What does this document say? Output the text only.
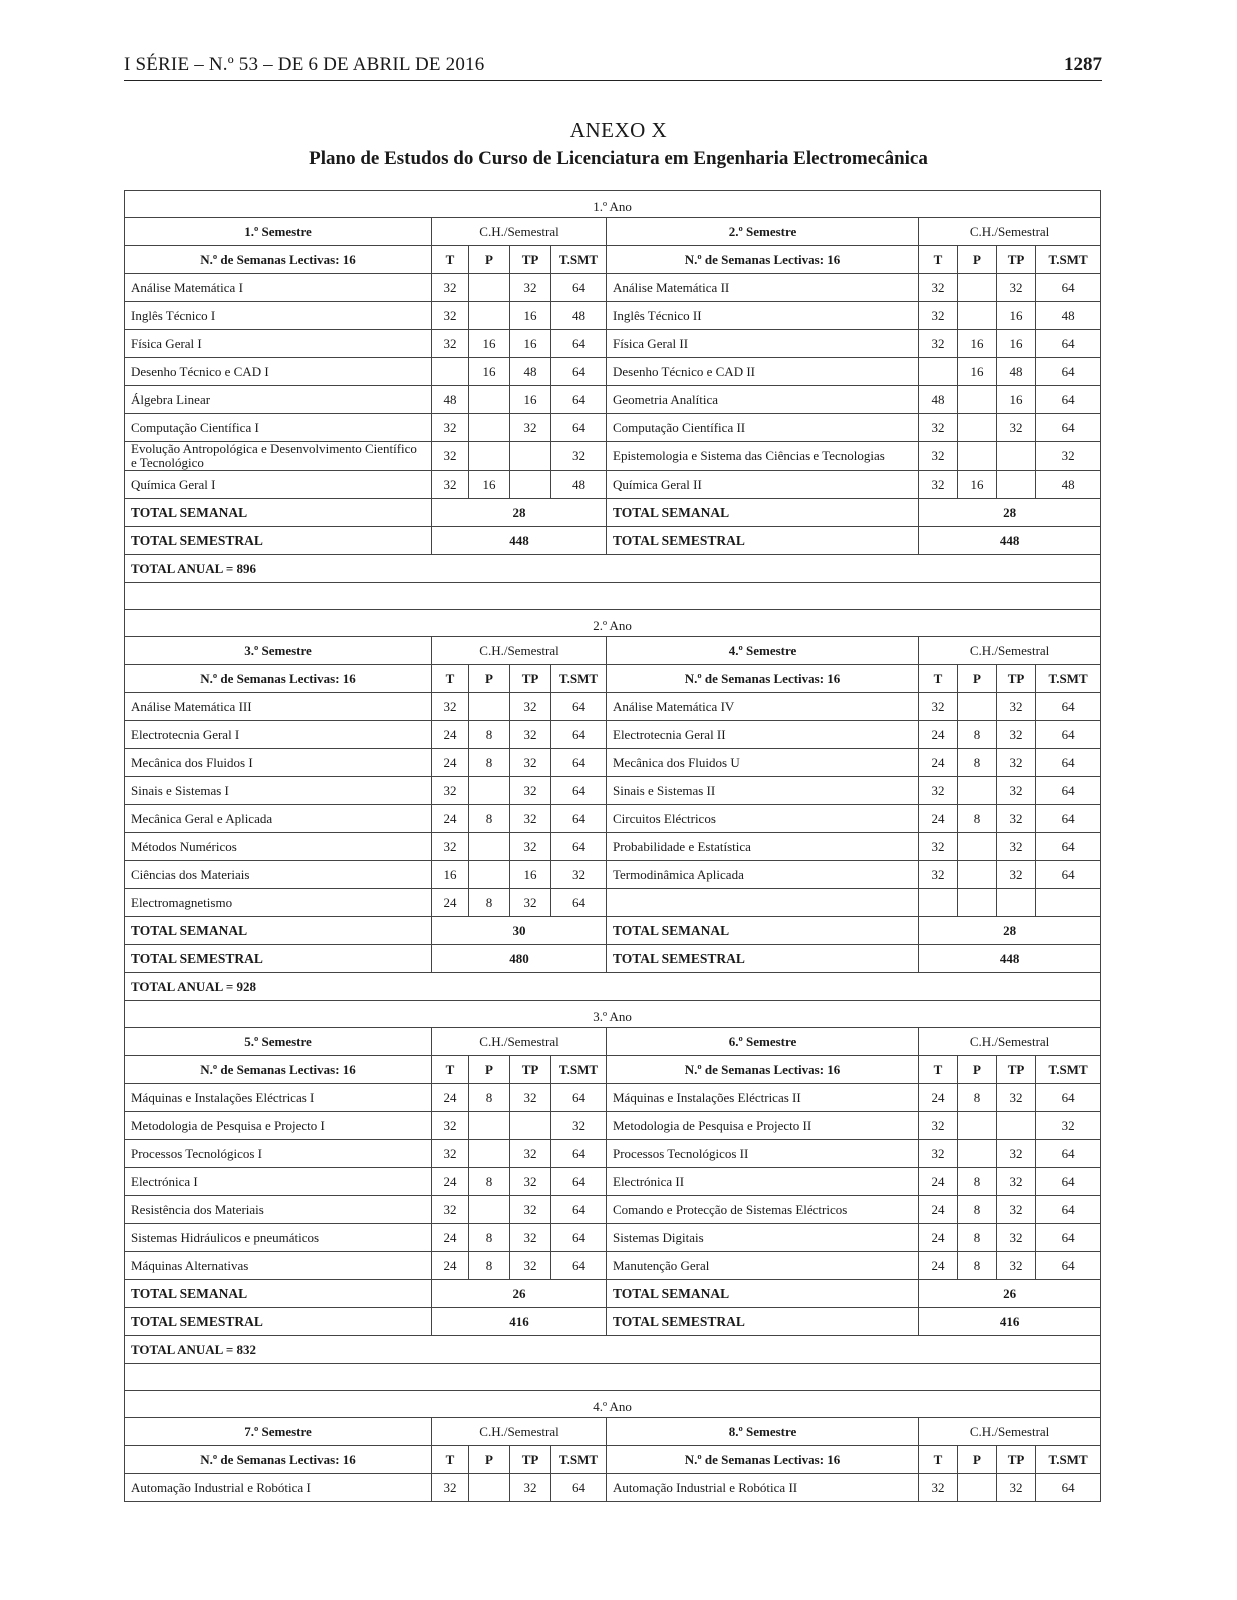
I SÉRIE – N.º 53 – DE 6 DE ABRIL DE 2016	1287
ANEXO X
Plano de Estudos do Curso de Licenciatura em Engenharia Electromecânica
1.º Ano									
1.º Semestre	C.H./Semestral				2.º Semestre	C.H./Semestral			
N.º de Semanas Lectivas: 16	T	P	TP	T.SMT	N.º de Semanas Lectivas: 16	T	P	TP	T.SMT
Análise Matemática I	32		32	64	Análise Matemática II	32		32	64
Inglês Técnico I	32		16	48	Inglês Técnico II	32		16	48
Física Geral I	32	16	16	64	Física Geral II	32	16	16	64
Desenho Técnico e CAD I		16	48	64	Desenho Técnico e CAD II		16	48	64
Álgebra Linear	48		16	64	Geometria Analítica	48		16	64
Computação Científica I	32		32	64	Computação Científica II	32		32	64
Evolução Antropológica e Desenvolvimento Científico e Tecnológico	32			32	Epistemologia e Sistema das Ciências e Tecnologias	32			32
Química Geral I	32	16		48	Química Geral II	32	16		48
TOTAL SEMANAL	28				TOTAL SEMANAL	28			
TOTAL SEMESTRAL	448				TOTAL SEMESTRAL	448			
TOTAL ANUAL = 896									

2.º Ano									
3.º Semestre	C.H./Semestral				4.º Semestre	C.H./Semestral			
N.º de Semanas Lectivas: 16	T	P	TP	T.SMT	N.º de Semanas Lectivas: 16	T	P	TP	T.SMT
Análise Matemática III	32		32	64	Análise Matemática IV	32		32	64
Electrotecnia Geral I	24	8	32	64	Electrotecnia Geral II	24	8	32	64
Mecânica dos Fluidos I	24	8	32	64	Mecânica dos Fluidos U	24	8	32	64
Sinais e Sistemas I	32		32	64	Sinais e Sistemas II	32		32	64
Mecânica Geral e Aplicada	24	8	32	64	Circuitos Eléctricos	24	8	32	64
Métodos Numéricos	32		32	64	Probabilidade e Estatística	32		32	64
Ciências dos Materiais	16		16	32	Termodinâmica Aplicada	32		32	64
Electromagnetismo	24	8	32	64					
TOTAL SEMANAL	30				TOTAL SEMANAL	28			
TOTAL SEMESTRAL	480				TOTAL SEMESTRAL	448			
TOTAL ANUAL = 928									
3.º Ano									
5.º Semestre	C.H./Semestral				6.º Semestre	C.H./Semestral			
N.º de Semanas Lectivas: 16	T	P	TP	T.SMT	N.º de Semanas Lectivas: 16	T	P	TP	T.SMT
Máquinas e Instalações Eléctricas I	24	8	32	64	Máquinas e Instalações Eléctricas II	24	8	32	64
Metodologia de Pesquisa e Projecto I	32			32	Metodologia de Pesquisa e Projecto II	32			32
Processos Tecnológicos I	32		32	64	Processos Tecnológicos II	32		32	64
Electrónica I	24	8	32	64	Electrónica II	24	8	32	64
Resistência dos Materiais	32		32	64	Comando e Protecção de Sistemas Eléctricos	24	8	32	64
Sistemas Hidráulicos e pneumáticos	24	8	32	64	Sistemas Digitais	24	8	32	64
Máquinas Alternativas	24	8	32	64	Manutenção Geral	24	8	32	64
TOTAL SEMANAL	26				TOTAL SEMANAL	26			
TOTAL SEMESTRAL	416				TOTAL SEMESTRAL	416			
TOTAL ANUAL = 832									

4.º Ano									
7.º Semestre	C.H./Semestral				8.º Semestre	C.H./Semestral			
N.º de Semanas Lectivas: 16	T	P	TP	T.SMT	N.º de Semanas Lectivas: 16	T	P	TP	T.SMT
Automação Industrial e Robótica I	32		32	64	Automação Industrial e Robótica II	32		32	64
